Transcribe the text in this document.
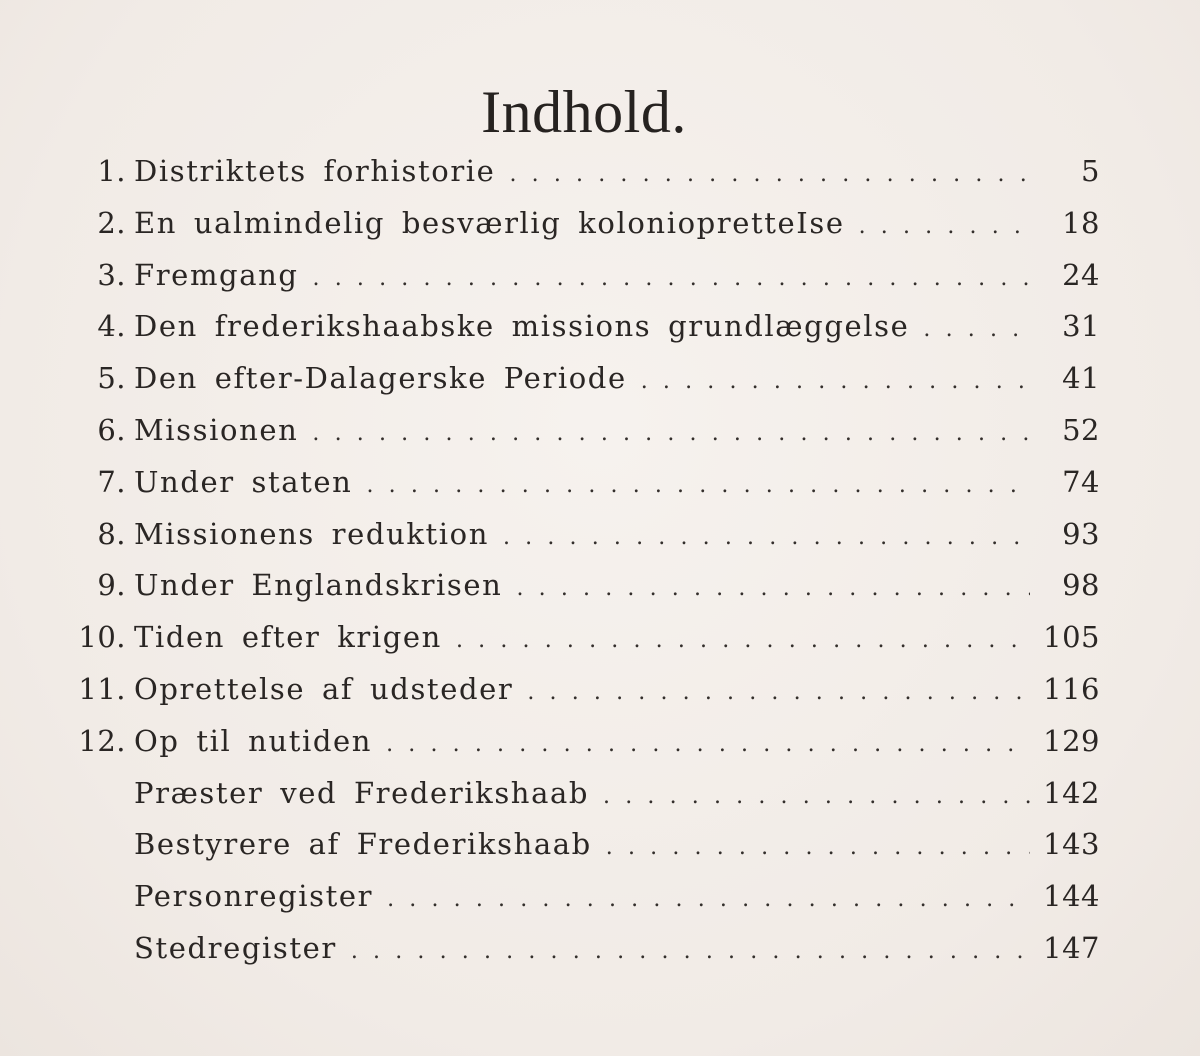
Indhold.
1. Distriktets forhistorie . . .	5
2. En ualmindelig besværlig koloniopretteIse . . .	18
3. Fremgang . . .	24
4. Den frederikshaabske missions grundlæggelse . . .	31
5. Den efter-Dalagerske Periode . . .	41
6. Missionen . . .	52
7. Under staten . . .	74
8. Missionens reduktion . . .	93
9. Under Englandskrisen . . .	98
10. Tiden efter krigen . . .	105
11. Oprettelse af udsteder . . .	116
12. Op til nutiden . . .	129
Præster ved Frederikshaab . . .	142
Bestyrere af Frederikshaab . . .	143
Personregister . . .	144
Stedregister . . .	147
